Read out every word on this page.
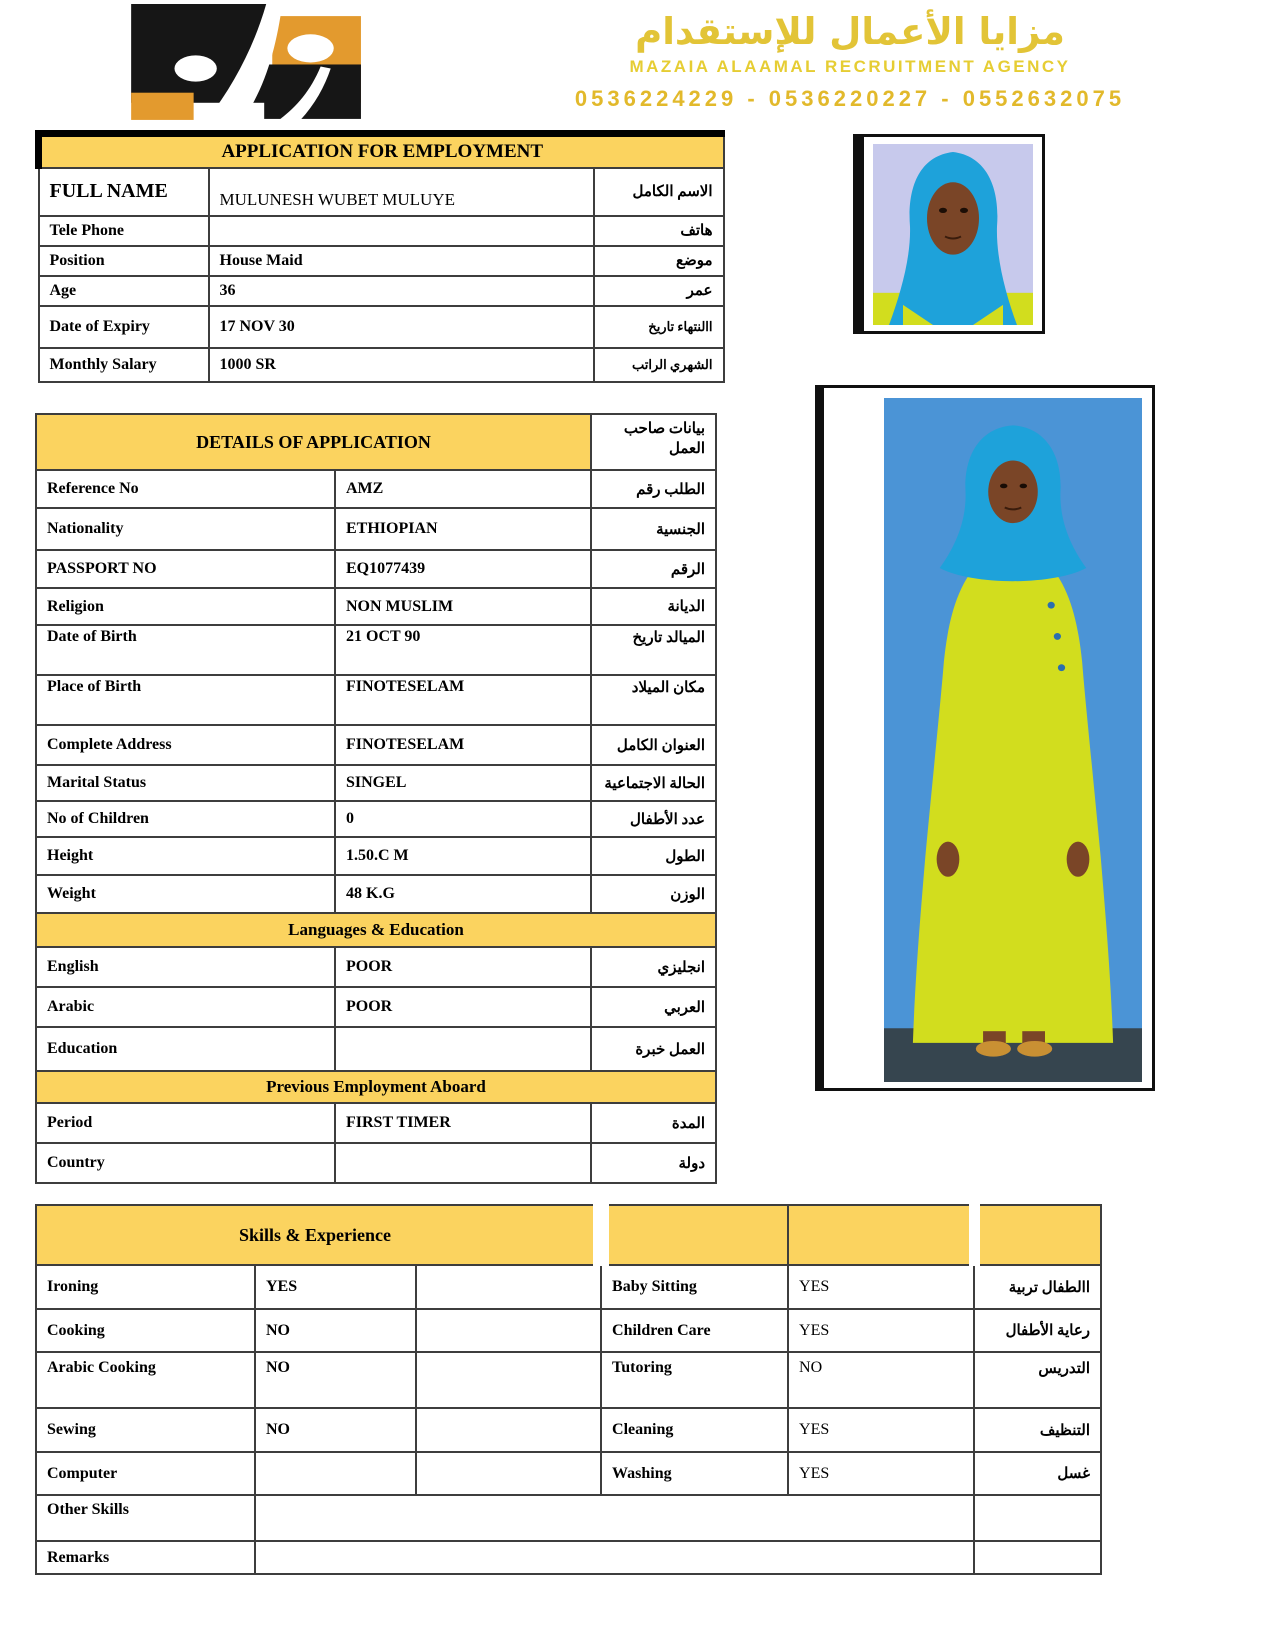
مزايا الأعمال للإستقدام
MAZAIA ALAAMAL RECRUITMENT AGENCY
0536224229 - 0536220227 - 0552632075
APPLICATION FOR EMPLOYMENT		
FULL NAME	MULUNESH WUBET MULUYE	الاسم الكامل
Tele Phone		هاتف
Position	House Maid	موضع
Age	36	عمر
Date of Expiry	17 NOV 30	االنتهاء تاريخ
Monthly Salary	1000 SR	الشهري الراتب
DETAILS OF APPLICATION		بيانات صاحب العمل
Reference No	AMZ	الطلب رقم
Nationality	ETHIOPIAN	الجنسية
PASSPORT NO	EQ1077439	الرقم
Religion	NON MUSLIM	الديانة
Date of Birth	21 OCT 90	الميالد تاريخ
Place of Birth	FINOTESELAM	مكان الميلاد
Complete Address	FINOTESELAM	العنوان الكامل
Marital Status	SINGEL	الحالة الاجتماعية
No of Children	0	عدد الأطفال
Height	1.50.C M	الطول
Weight	48 K.G	الوزن
Languages & Education		
English	POOR	انجليزي
Arabic	POOR	العربي
Education		العمل خبرة
Previous Employment Aboard		
Period	FIRST TIMER	المدة
Country		دولة
Skills & Experience					
Ironing	YES		Baby Sitting	YES	االطفال تربية
Cooking	NO		Children Care	YES	رعاية الأطفال
Arabic Cooking	NO		Tutoring	NO	التدريس
Sewing	NO		Cleaning	YES	التنظيف
Computer			Washing	YES	غسل
Other Skills					
Remarks					
